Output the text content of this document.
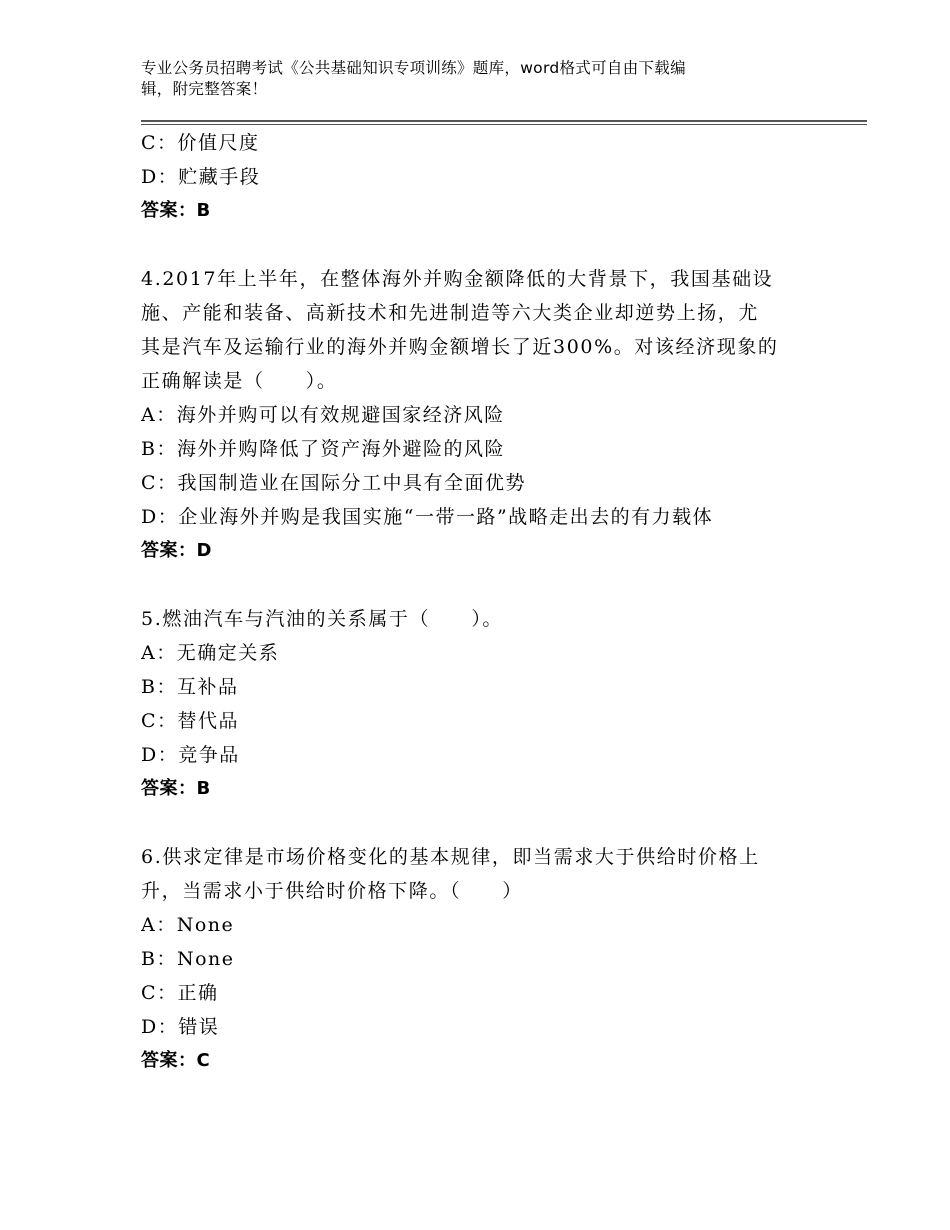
专业公务员招聘考试《公共基础知识专项训练》题库，word格式可自由下载编
辑，附完整答案！
C：价值尺度
D：贮藏手段
答案：B
4.2017年上半年，在整体海外并购金额降低的大背景下，我国基础设
施、产能和装备、高新技术和先进制造等六大类企业却逆势上扬，尤
其是汽车及运输行业的海外并购金额增长了近300%。对该经济现象的
正确解读是（　　）。
A：海外并购可以有效规避国家经济风险
B：海外并购降低了资产海外避险的风险
C：我国制造业在国际分工中具有全面优势
D：企业海外并购是我国实施“一带一路”战略走出去的有力载体
答案：D
5.燃油汽车与汽油的关系属于（　　）。
A：无确定关系
B：互补品
C：替代品
D：竞争品
答案：B
6.供求定律是市场价格变化的基本规律，即当需求大于供给时价格上
升，当需求小于供给时价格下降。（　　）
A：None
B：None
C：正确
D：错误
答案：C
